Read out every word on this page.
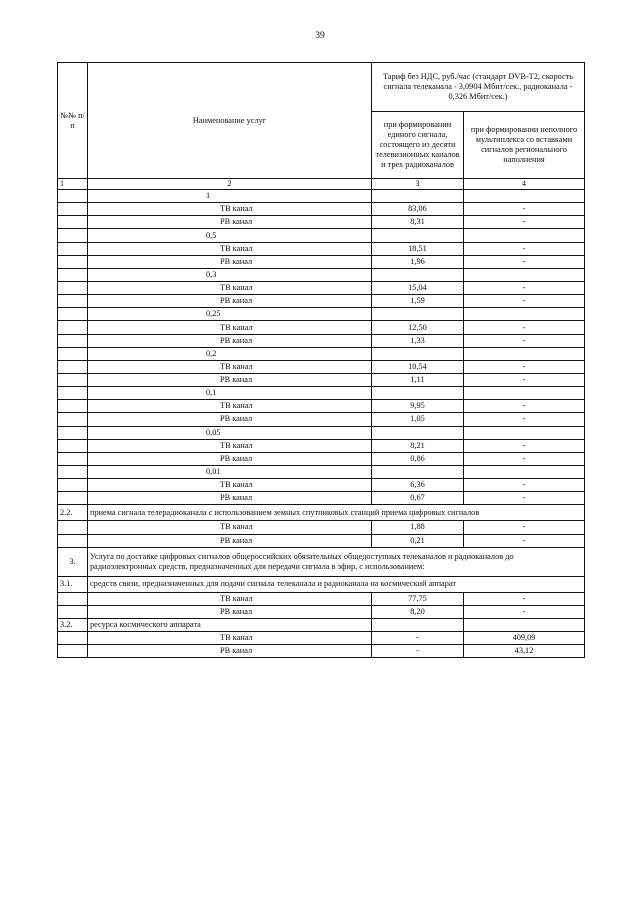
39
№№ п/п	Наименование услуг	Тариф без НДС, руб./час (стандарт DVB-T2, скорость сигнала телеканала - 3,0904 Мбит/сек., радиоканала - 0,326 Мбит/сек.)	
		при формировании единого сигнала, состоящего из десяти телевизионных каналов и трех радиоканалов	при формировании неполного мультиплекса со вставками сигналов регионального наполнения
1	2	3	4
	1		
	ТВ канал	83,06	-
	РВ канал	8,31	-
	0,5		
	ТВ канал	18,51	-
	РВ канал	1,96	-
	0,3		
	ТВ канал	15,04	-
	РВ канал	1,59	-
	0,25		
	ТВ канал	12,50	-
	РВ канал	1,33	-
	0,2		
	ТВ канал	10,54	-
	РВ канал	1,11	-
	0,1		
	ТВ канал	9,95	-
	РВ канал	1,05	-
	0,05		
	ТВ канал	8,21	-
	РВ канал	0,86	-
	0,01		
	ТВ канал	6,36	-
	РВ канал	0,67	-
2.2.	приема сигнала телерадиоканала с использованием земных спутниковых станций приема цифровых сигналов		
	ТВ канал	1,88	-
	РВ канал	0,21	-
3.	Услуга по доставке цифровых сигналов общероссийских обязательных общедоступных телеканалов и радиоканалов до радиоэлектронных средств, предназначенных для передачи сигнала в эфир, с использованием:		
3.1.	средств связи, предназначенных для подачи сигнала телеканала и радиоканала на космический аппарат		
	ТВ канал	77,75	-
	РВ канал	8,20	-
3.2.	ресурса космического аппарата		
	ТВ канал	-	409,09
	РВ канал	-	43,12
